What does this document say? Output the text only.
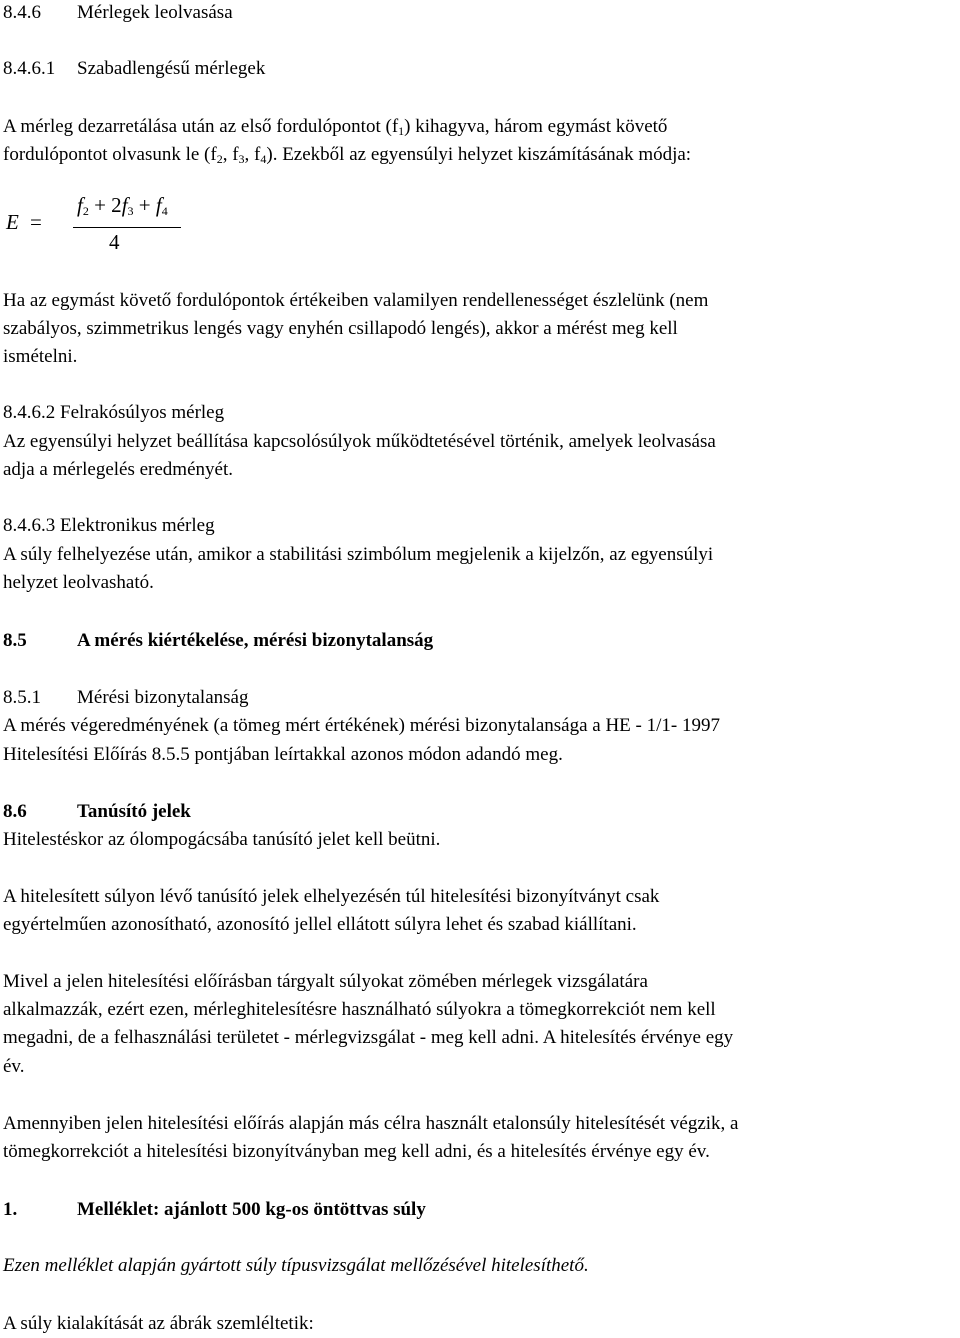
8.4.6 Mérlegek leolvasása
8.4.6.1 Szabadlengésű mérlegek
A mérleg dezarretálása után az első fordulópontot $(f_1)$ kihagyva, három egymást követő
fordulópontot olvasunk le ($f_2$, $f_3$, $f_4$). Ezekből az egyensúlyi helyzet kiszámításának módja:
E =
$f_2 + 2f_3 + f_4$
4
Ha az egymást követő fordulópontok értékeiben valamilyen rendellenességet észlelünk (nem
szabályos, szimmetrikus lengés vagy enyhén csillapodó lengés), akkor a mérést meg kell
ismételni.
8.4.6.2 Felrakósúlyos mérleg
Az egyensúlyi helyzet beállítása kapcsolósúlyok működtetésével történik, amelyek leolvasása
adja a mérlegelés eredményét.
8.4.6.3 Elektronikus mérleg
A súly felhelyezése után, amikor a stabilitási szimbólum megjelenik a kijelzőn, az egyensúlyi
helyzet leolvasható.
8.5	A mérés kiértékelése, mérési bizonytalanság
8.5.1 Mérési bizonytalanság
A mérés végeredményének (a tömeg mért értékének) mérési bizonytalansága a HE - 1/1- 1997
Hitelesítési Előírás 8.5.5 pontjában leírtakkal azonos módon adandó meg.
8.6	Tanúsító jelek
Hitelestéskor az ólompogácsába tanúsító jelet kell beütni.
A hitelesített súlyon lévő tanúsító jelek elhelyezésén túl hitelesítési bizonyítványt csak
egyértelműen azonosítható, azonosító jellel ellátott súlyra lehet és szabad kiállítani.
Mivel a jelen hitelesítési előírásban tárgyalt súlyokat zömében mérlegek vizsgálatára
alkalmazzák, ezért ezen, mérleghitelesítésre használható súlyokra a tömegkorrekciót nem kell
megadni, de a felhasználási területet - mérlegvizsgálat - meg kell adni. A hitelesítés érvénye egy
év.
Amennyiben jelen hitelesítési előírás alapján más célra használt etalonsúly hitelesítését végzik, a
tömegkorrekciót a hitelesítési bizonyítványban meg kell adni, és a hitelesítés érvénye egy év.
1.	Melléklet: ajánlott 500 kg-os öntöttvas súly
Ezen melléklet alapján gyártott súly típusvizsgálat mellőzésével hitelesíthető.
A súly kialakítását az ábrák szemléltetik:
